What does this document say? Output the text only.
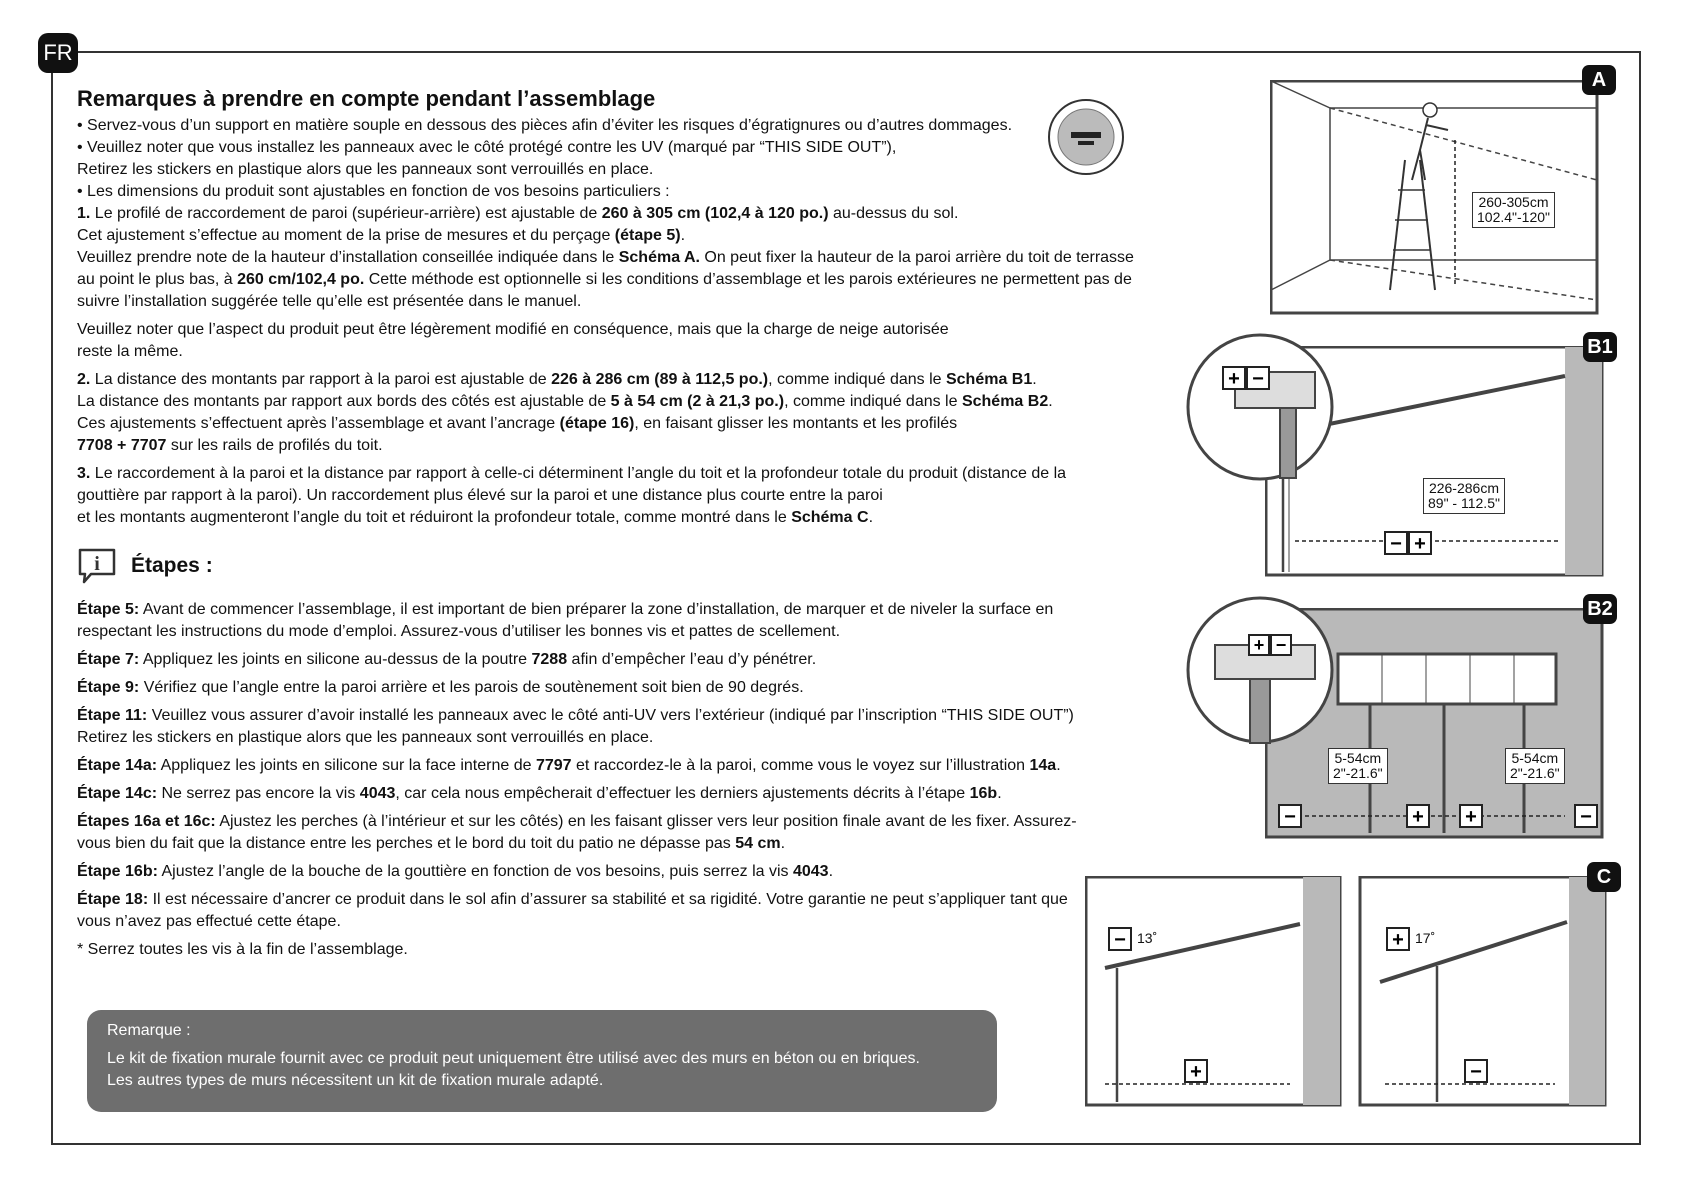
FR
Remarques à prendre en compte pendant l’assemblage

• Servez-vous d’un support en matière souple en dessous des pièces afin d’éviter les risques d’égratignures ou d’autres dommages.

• Veuillez noter que vous installez les panneaux avec le côté protégé contre les UV (marqué par “THIS SIDE OUT”),

Retirez les stickers en plastique alors que les panneaux sont verrouillés en place.

• Les dimensions du produit sont ajustables en fonction de vos besoins particuliers :

1. Le profilé de raccordement de paroi (supérieur-arrière) est ajustable de 260 à 305 cm (102,4 à 120 po.) au-dessus du sol.
Cet ajustement s’effectue au moment de la prise de mesures et du perçage (étape 5).
Veuillez prendre note de la hauteur d’installation conseillée indiquée dans le Schéma A. On peut fixer la hauteur de la paroi arrière du toit de terrasse
au point le plus bas, à 260 cm/102,4 po. Cette méthode est optionnelle si les conditions d’assemblage et les parois extérieures ne permettent pas de
suivre l’installation suggérée telle qu’elle est présentée dans le manuel.

Veuillez noter que l’aspect du produit peut être légèrement modifié en conséquence, mais que la charge de neige autorisée
reste la même.

2. La distance des montants par rapport à la paroi est ajustable de 226 à 286 cm (89 à 112,5 po.), comme indiqué dans le Schéma B1.
La distance des montants par rapport aux bords des côtés est ajustable de 5 à 54 cm (2 à 21,3 po.), comme indiqué dans le Schéma B2.
Ces ajustements s’effectuent après l’assemblage et avant l’ancrage (étape 16), en faisant glisser les montants et les profilés
7708 + 7707 sur les rails de profilés du toit.

3. Le raccordement à la paroi et la distance par rapport à celle-ci déterminent l’angle du toit et la profondeur totale du produit (distance de la
gouttière par rapport à la paroi). Un raccordement plus élevé sur la paroi et une distance plus courte entre la paroi
et les montants augmenteront l’angle du toit et réduiront la profondeur totale, comme montré dans le Schéma C.

i Étapes :

Étape 5: Avant de commencer l’assemblage, il est important de bien préparer la zone d’installation, de marquer et de niveler la surface en respectant les instructions du mode d’emploi. Assurez-vous d’utiliser les bonnes vis et pattes de scellement.

Étape 7: Appliquez les joints en silicone au-dessus de la poutre 7288 afin d’empêcher l’eau d’y pénétrer.

Étape 9: Vérifiez que l’angle entre la paroi arrière et les parois de soutènement soit bien de 90 degrés.

Étape 11: Veuillez vous assurer d’avoir installé les panneaux avec le côté anti-UV vers l’extérieur (indiqué par l’inscription “THIS SIDE OUT”) Retirez les stickers en plastique alors que les panneaux sont verrouillés en place.

Étape 14a: Appliquez les joints en silicone sur la face interne de 7797 et raccordez-le à la paroi, comme vous le voyez sur l’illustration 14a.

Étape 14c: Ne serrez pas encore la vis 4043, car cela nous empêcherait d’effectuer les derniers ajustements décrits à l’étape 16b.

Étapes 16a et 16c: Ajustez les perches (à l’intérieur et sur les côtés) en les faisant glisser vers leur position finale avant de les fixer. Assurez-vous bien du fait que la distance entre les perches et le bord du toit du patio ne dépasse pas 54 cm.

Étape 16b: Ajustez l’angle de la bouche de la gouttière en fonction de vos besoins, puis serrez la vis 4043.

Étape 18: Il est nécessaire d’ancrer ce produit dans le sol afin d’assurer sa stabilité et sa rigidité. Votre garantie ne peut s’appliquer tant que vous n’avez pas effectué cette étape.

* Serrez toutes les vis à la fin de l’assemblage.

Remarque :
Le kit de fixation murale fournit avec ce produit peut uniquement être utilisé avec des murs en béton ou en briques.
Les autres types de murs nécessitent un kit de fixation murale adapté.
A
260-305cm
102.4"-120"
− +
B1
226-286cm
89" - 112.5"
+ −
−	+ +	−
B2
5-54cm
2"-21.6"
5-54cm
2"-21.6"
+ −
−
+
+
−
C
13˚	17˚
